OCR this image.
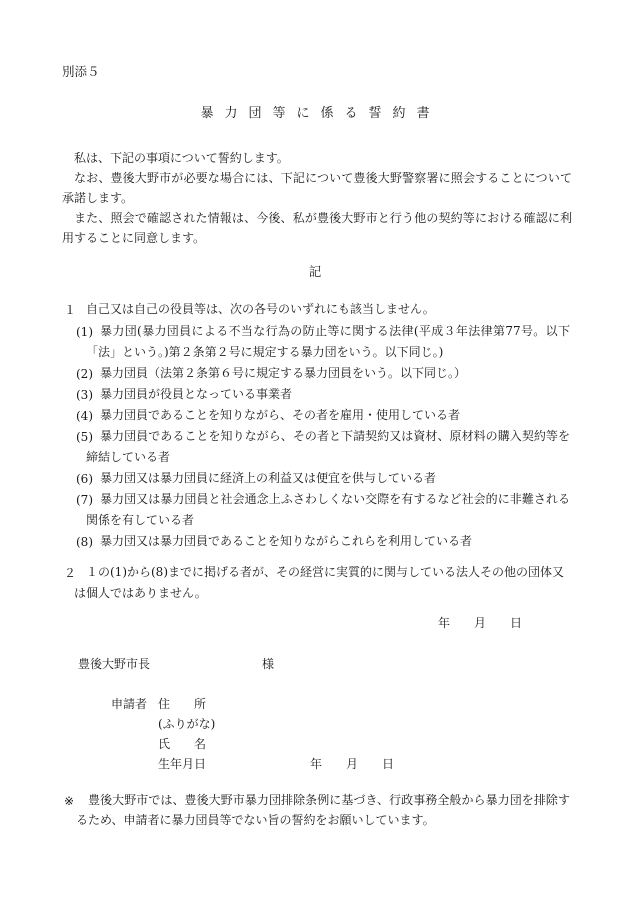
別添５
暴力団等に係る誓約書

私は、下記の事項について誓約します。

なお、豊後大野市が必要な場合には、下記について豊後大野警察署に照会することについて承諾します。

また、照会で確認された情報は、今後、私が豊後大野市と行う他の契約等における確認に利用することに同意します。

記
１ 自己又は自己の役員等は、次の各号のいずれにも該当しません。
(1) 暴力団(暴力団員による不当な行為の防止等に関する法律(平成３年法律第77号。以下「法」という。)第２条第２号に規定する暴力団をいう。以下同じ。)
(2) 暴力団員（法第２条第６号に規定する暴力団員をいう。以下同じ。）
(3) 暴力団員が役員となっている事業者
(4) 暴力団員であることを知りながら、その者を雇用・使用している者
(5) 暴力団員であることを知りながら、その者と下請契約又は資材、原材料の購入契約等を締結している者
(6) 暴力団又は暴力団員に経済上の利益又は便宜を供与している者
(7) 暴力団又は暴力団員と社会通念上ふさわしくない交際を有するなど社会的に非難される関係を有している者
(8) 暴力団又は暴力団員であることを知りながらこれらを利用している者
２ １の(1)から(8)までに掲げる者が、その経営に実質的に関与している法人その他の団体又は個人ではありません。
年 月 日
豊後大野市長	様
申請者 住　　所
(ふりがな)
氏　　名
生年月日	年 月 日
※	豊後大野市では、豊後大野市暴力団排除条例に基づき、行政事務全般から暴力団を排除するため、申請者に暴力団員等でない旨の誓約をお願いしています。
